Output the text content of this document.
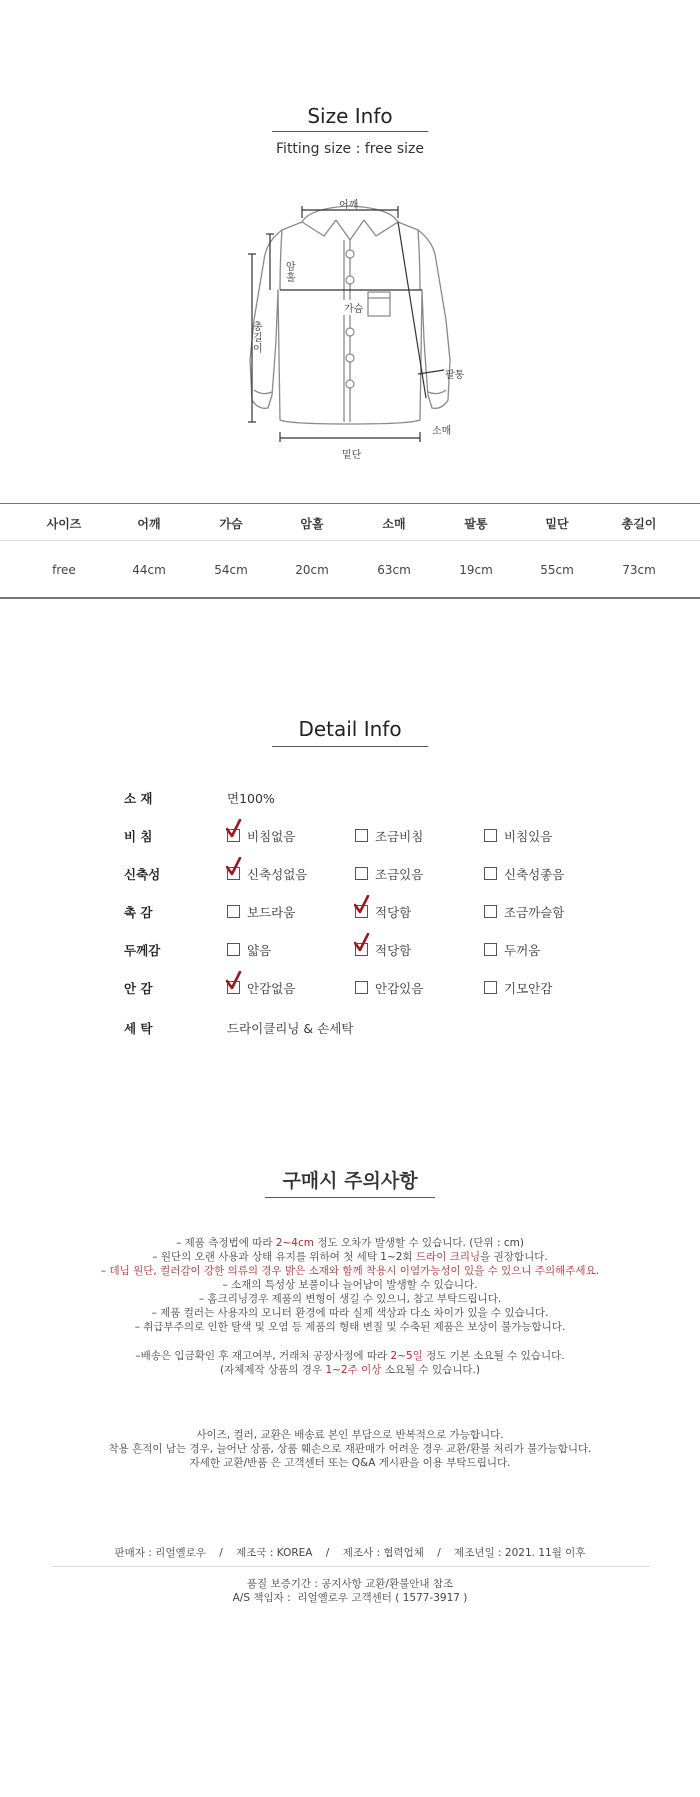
Size Info
Fitting size : free size
어깨
암홀
가슴
총길이
팔통
소매
밑단
사이즈	어깨	가슴	암홀	소매	팔통	밑단	총길이
free	44cm	54cm	20cm	63cm	19cm	55cm	73cm
Detail Info
소 재	면100%
비 침	비침없음	조금비침	비침있음
신축성	신축성없음	조금있음	신축성좋음
촉 감	보드라움	적당함	조금까슬함
두께감	얇음	적당함	두꺼움
안 감	안감없음	안감있음	기모안감
세 탁	드라이클리닝 & 손세탁
구매시 주의사항
– 제품 측정법에 따라 2~4cm 정도 오차가 발생할 수 있습니다. (단위 : cm)
– 원단의 오랜 사용과 상태 유지를 위하여 첫 세탁 1~2회 드라이 크리닝을 권장합니다.
– 데님 원단, 컬러감이 강한 의류의 경우 밝은 소재와 함께 착용시 이염가능성이 있을 수 있으니 주의해주세요.
– 소재의 특성상 보풀이나 늘어남이 발생할 수 있습니다.
– 홈크리닝경우 제품의 변형이 생길 수 있으니, 참고 부탁드립니다.
– 제품 컬러는 사용자의 모니터 환경에 따라 실제 색상과 다소 차이가 있을 수 있습니다.
– 취급부주의로 인한 탈색 및 오염 등 제품의 형태 변질 및 수축된 제품은 보상이 불가능합니다.
–배송은 입금확인 후 재고여부, 거래처 공장사정에 따라 2~5일 정도 기본 소요될 수 있습니다.
(자체제작 상품의 경우 1~2주 이상 소요될 수 있습니다.)
사이즈, 컬러, 교환은 배송료 본인 부담으로 반복적으로 가능합니다.
착용 흔적이 남는 경우, 늘어난 상품, 상품 훼손으로 재판매가 어려운 경우 교환/환불 처리가 불가능합니다.
자세한 교환/반품 은 고객센터 또는 Q&A 게시판을 이용 부탁드립니다.
판매자 : 리얼옐로우    /    제조국 : KOREA    /    제조사 : 협력업체    /    제조년일 : 2021. 11월 이후
품질 보증기간 : 공지사항 교환/환불안내 참조
A/S 책임자 :  리얼옐로우 고객센터 ( 1577-3917 )
